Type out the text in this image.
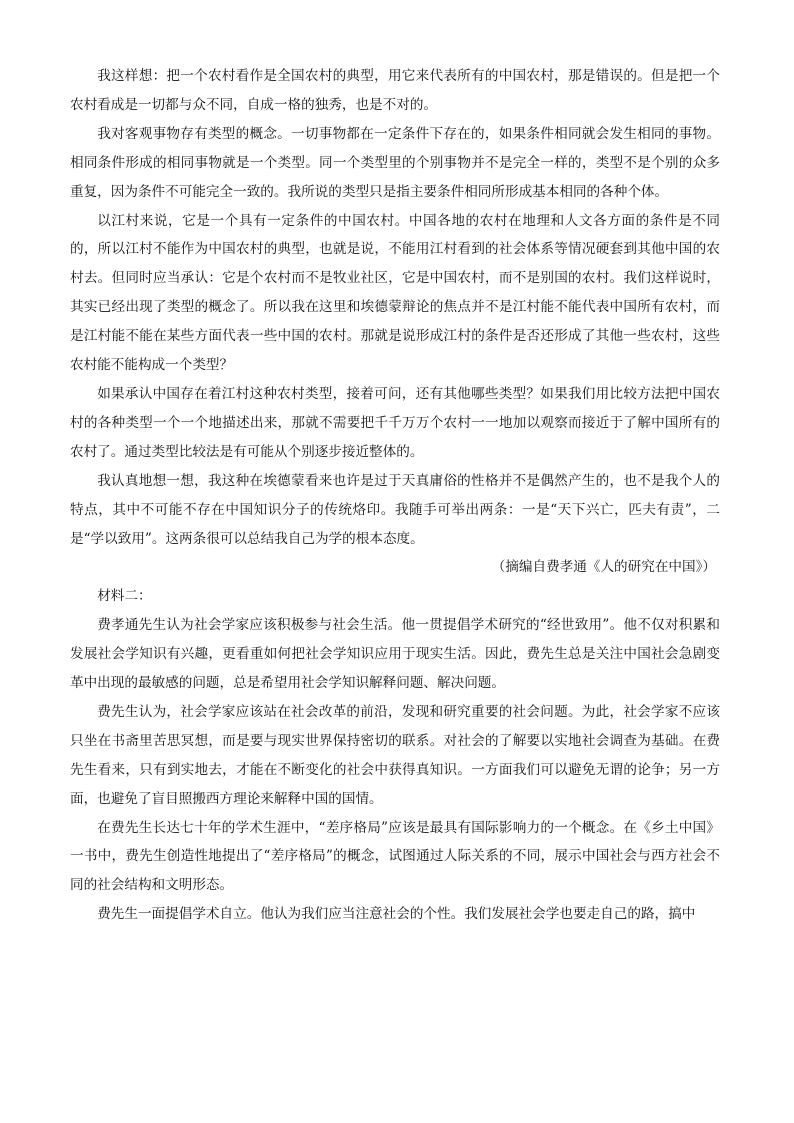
我这样想：把一个农村看作是全国农村的典型，用它来代表所有的中国农村，那是错误的。但是把一个农村看成是一切都与众不同，自成一格的独秀，也是不对的。

我对客观事物存有类型的概念。一切事物都在一定条件下存在的，如果条件相同就会发生相同的事物。相同条件形成的相同事物就是一个类型。同一个类型里的个别事物并不是完全一样的，类型不是个别的众多重复，因为条件不可能完全一致的。我所说的类型只是指主要条件相同所形成基本相同的各种个体。

以江村来说，它是一个具有一定条件的中国农村。中国各地的农村在地理和人文各方面的条件是不同的，所以江村不能作为中国农村的典型，也就是说，不能用江村看到的社会体系等情况硬套到其他中国的农村去。但同时应当承认：它是个农村而不是牧业社区，它是中国农村，而不是别国的农村。我们这样说时，其实已经出现了类型的概念了。所以我在这里和埃德蒙辩论的焦点并不是江村能不能代表中国所有农村，而是江村能不能在某些方面代表一些中国的农村。那就是说形成江村的条件是否还形成了其他一些农村，这些农村能不能构成一个类型？

如果承认中国存在着江村这种农村类型，接着可问，还有其他哪些类型？如果我们用比较方法把中国农村的各种类型一个一个地描述出来，那就不需要把千千万万个农村一一地加以观察而接近于了解中国所有的农村了。通过类型比较法是有可能从个别逐步接近整体的。

我认真地想一想，我这种在埃德蒙看来也许是过于天真庸俗的性格并不是偶然产生的，也不是我个人的特点，其中不可能不存在中国知识分子的传统烙印。我随手可举出两条：一是“天下兴亡，匹夫有责”，二是“学以致用”。这两条很可以总结我自己为学的根本态度。

（摘编自费孝通《人的研究在中国》）

材料二：

费孝通先生认为社会学家应该积极参与社会生活。他一贯提倡学术研究的“经世致用”。他不仅对积累和发展社会学知识有兴趣，更看重如何把社会学知识应用于现实生活。因此，费先生总是关注中国社会急剧变革中出现的最敏感的问题，总是希望用社会学知识解释问题、解决问题。

费先生认为，社会学家应该站在社会改革的前沿，发现和研究重要的社会问题。为此，社会学家不应该只坐在书斋里苦思冥想，而是要与现实世界保持密切的联系。对社会的了解要以实地社会调查为基础。在费先生看来，只有到实地去，才能在不断变化的社会中获得真知识。一方面我们可以避免无谓的论争；另一方面，也避免了盲目照搬西方理论来解释中国的国情。

在费先生长达七十年的学术生涯中，“差序格局”应该是最具有国际影响力的一个概念。在《乡土中国》一书中，费先生创造性地提出了“差序格局”的概念，试图通过人际关系的不同，展示中国社会与西方社会不同的社会结构和文明形态。

费先生一面提倡学术自立。他认为我们应当注意社会的个性。我们发展社会学也要走自己的路，搞中
